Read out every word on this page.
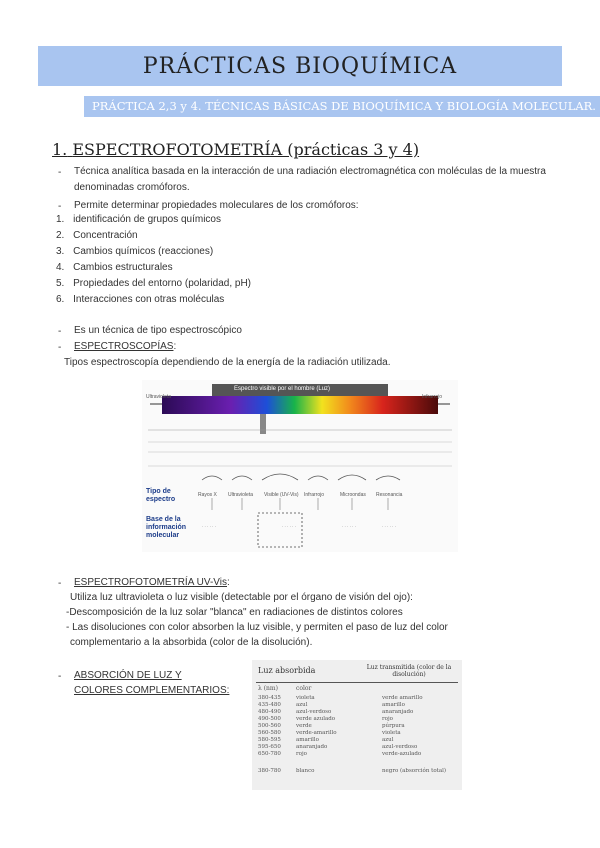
PRÁCTICAS BIOQUÍMICA
PRÁCTICA 2,3 y 4. TÉCNICAS BÁSICAS DE BIOQUÍMICA Y BIOLOGÍA MOLECULAR.
1. ESPECTROFOTOMETRÍA (prácticas 3 y 4)
- Técnica analítica basada en la interacción de una radiación electromagnética con moléculas de la muestra
denominadas cromóforos.
- Permite determinar propiedades moleculares de los cromóforos:
1. identificación de grupos químicos
2. Concentración
3. Cambios químicos (reacciones)
4. Cambios estructurales
5. Propiedades del entorno (polaridad, pH)
6. Interacciones con otras moléculas
- Es un técnica de tipo espectroscópico
- ESPECTROSCOPÍAS:
Tipos espectroscopía dependiendo de la energía de la radiación utilizada.
· · · · · ·
· · · · · ·	· · · · · ·	· · · · · ·
Espectro visible por el hombre (Luz)
Ultravioleta	Infrarrojo
Tipo de espectro
Base de la información molecular
Rayos X Ultravioleta Visible (UV-Vis) Infrarrojo	Microondas Resonancia
- ESPECTROFOTOMETRÍA UV-Vis:
Utiliza luz ultravioleta o luz visible (detectable por el órgano de visión del ojo):
-Descomposición de la luz solar "blanca" en radiaciones de distintos colores
- Las disoluciones con color absorben la luz visible, y permiten el paso de luz del color
complementario a la absorbida (color de la disolución).
- ABSORCIÓN DE LUZ Y
COLORES COMPLEMENTARIOS:
Luz absorbida	Luz transmitida (color de la disolución)
λ (nm)	color
380-435	violeta	verde amarillo
435-480	azul	amarillo
480-490	azul-verdoso	anaranjado
490-500	verde azulado	rojo
500-560	verde	púrpura
560-580	verde-amarillo	violeta
580-595	amarillo	azul
595-650	anaranjado	azul-verdoso
650-780	rojo	verde-azulado
380-780	blanco	negro (absorción total)
